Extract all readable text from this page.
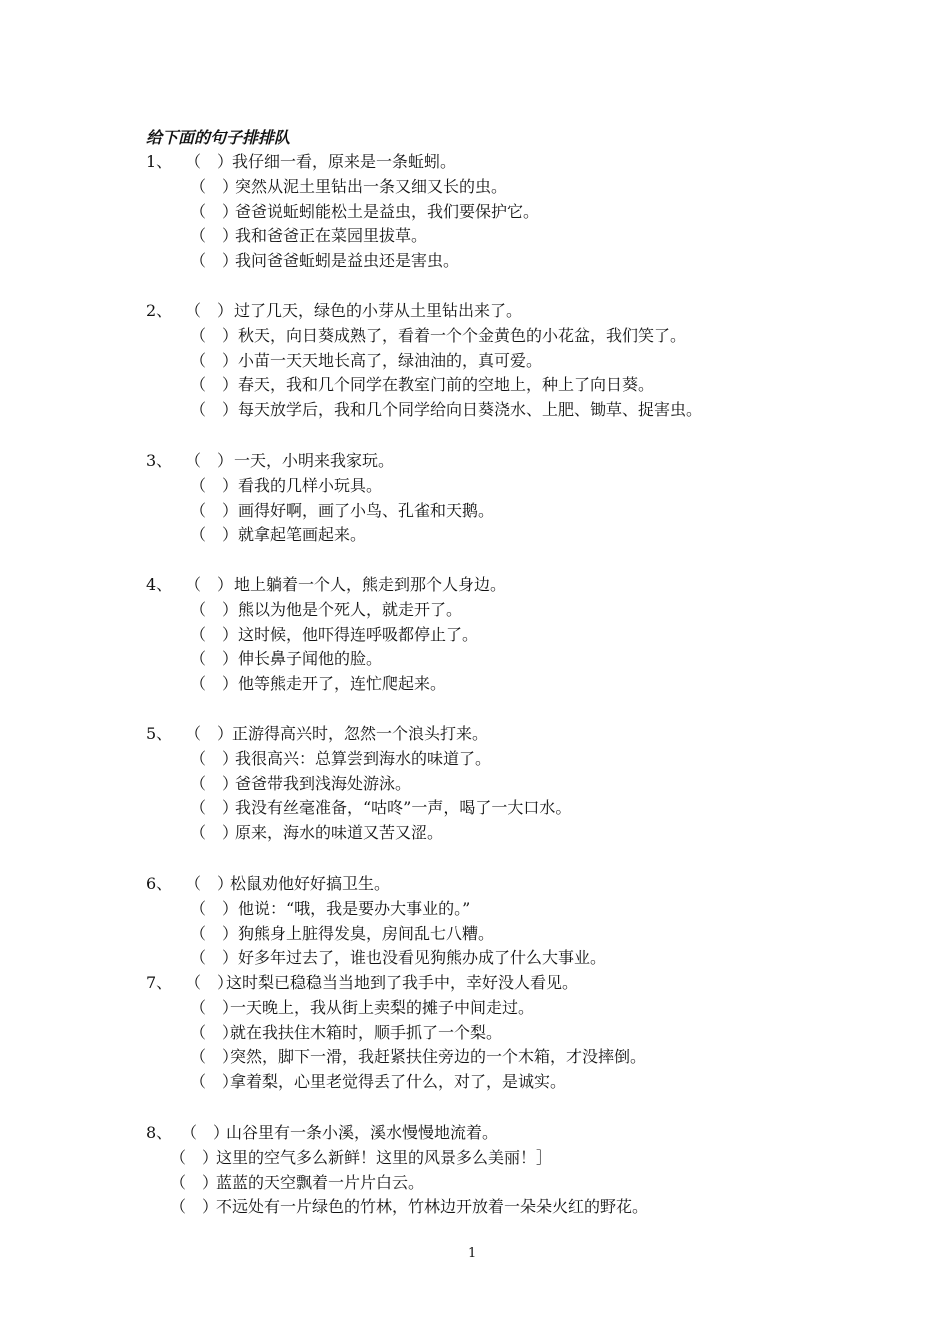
给下面的句子排排队
1、 （　）
我仔细一看，原来是一条蚯蚓。
（　）
突然从泥土里钻出一条又细又长的虫。
（　）
爸爸说蚯蚓能松土是益虫，我们要保护它。
（　）
我和爸爸正在菜园里拔草。
（　）
我问爸爸蚯蚓是益虫还是害虫。
2、 （　） 过了几天，绿色的小芽从土里钻出来了。
（　） 秋天，向日葵成熟了，看着一个个金黄色的小花盆，我们笑了。
（　） 小苗一天天地长高了，绿油油的，真可爱。
（　） 春天，我和几个同学在教室门前的空地上，种上了向日葵。
（　） 每天放学后，我和几个同学给向日葵浇水、上肥、锄草、捉害虫。
3、 （　） 一天，小明来我家玩。
（　） 看我的几样小玩具。
（　） 画得好啊，画了小鸟、孔雀和天鹅。
（　） 就拿起笔画起来。
4、 （　） 地上躺着一个人，熊走到那个人身边。
（　） 熊以为他是个死人，就走开了。
（　） 这时候，他吓得连呼吸都停止了。
（　） 伸长鼻子闻他的脸。
（　） 他等熊走开了，连忙爬起来。
5、 （　）
正游得高兴时，忽然一个浪头打来。
（　）
我很高兴：总算尝到海水的味道了。
（　）
爸爸带我到浅海处游泳。
（　）
我没有丝毫准备，“咕咚”一声，喝了一大口水。
（　）
原来，海水的味道又苦又涩。
6、 （　）
松鼠劝他好好搞卫生。
（　） 他说：“哦，我是要办大事业的。”
（　） 狗熊身上脏得发臭，房间乱七八糟。
（　） 好多年过去了，谁也没看见狗熊办成了什么大事业。
7、 （　）
这时梨已稳稳当当地到了我手中，幸好没人看见。
（　）
一天晚上，我从街上卖梨的摊子中间走过。
（　）
就在我扶住木箱时，顺手抓了一个梨。
（　）
突然，脚下一滑，我赶紧扶住旁边的一个木箱，才没摔倒。
（　）
拿着梨，心里老觉得丢了什么，对了，是诚实。
8、 （　）
山谷里有一条小溪，溪水慢慢地流着。
（　）
这里的空气多么新鲜！这里的风景多么美丽！］
（　）
蓝蓝的天空飘着一片片白云。
（　）
不远处有一片绿色的竹林，竹林边开放着一朵朵火红的野花。
1
